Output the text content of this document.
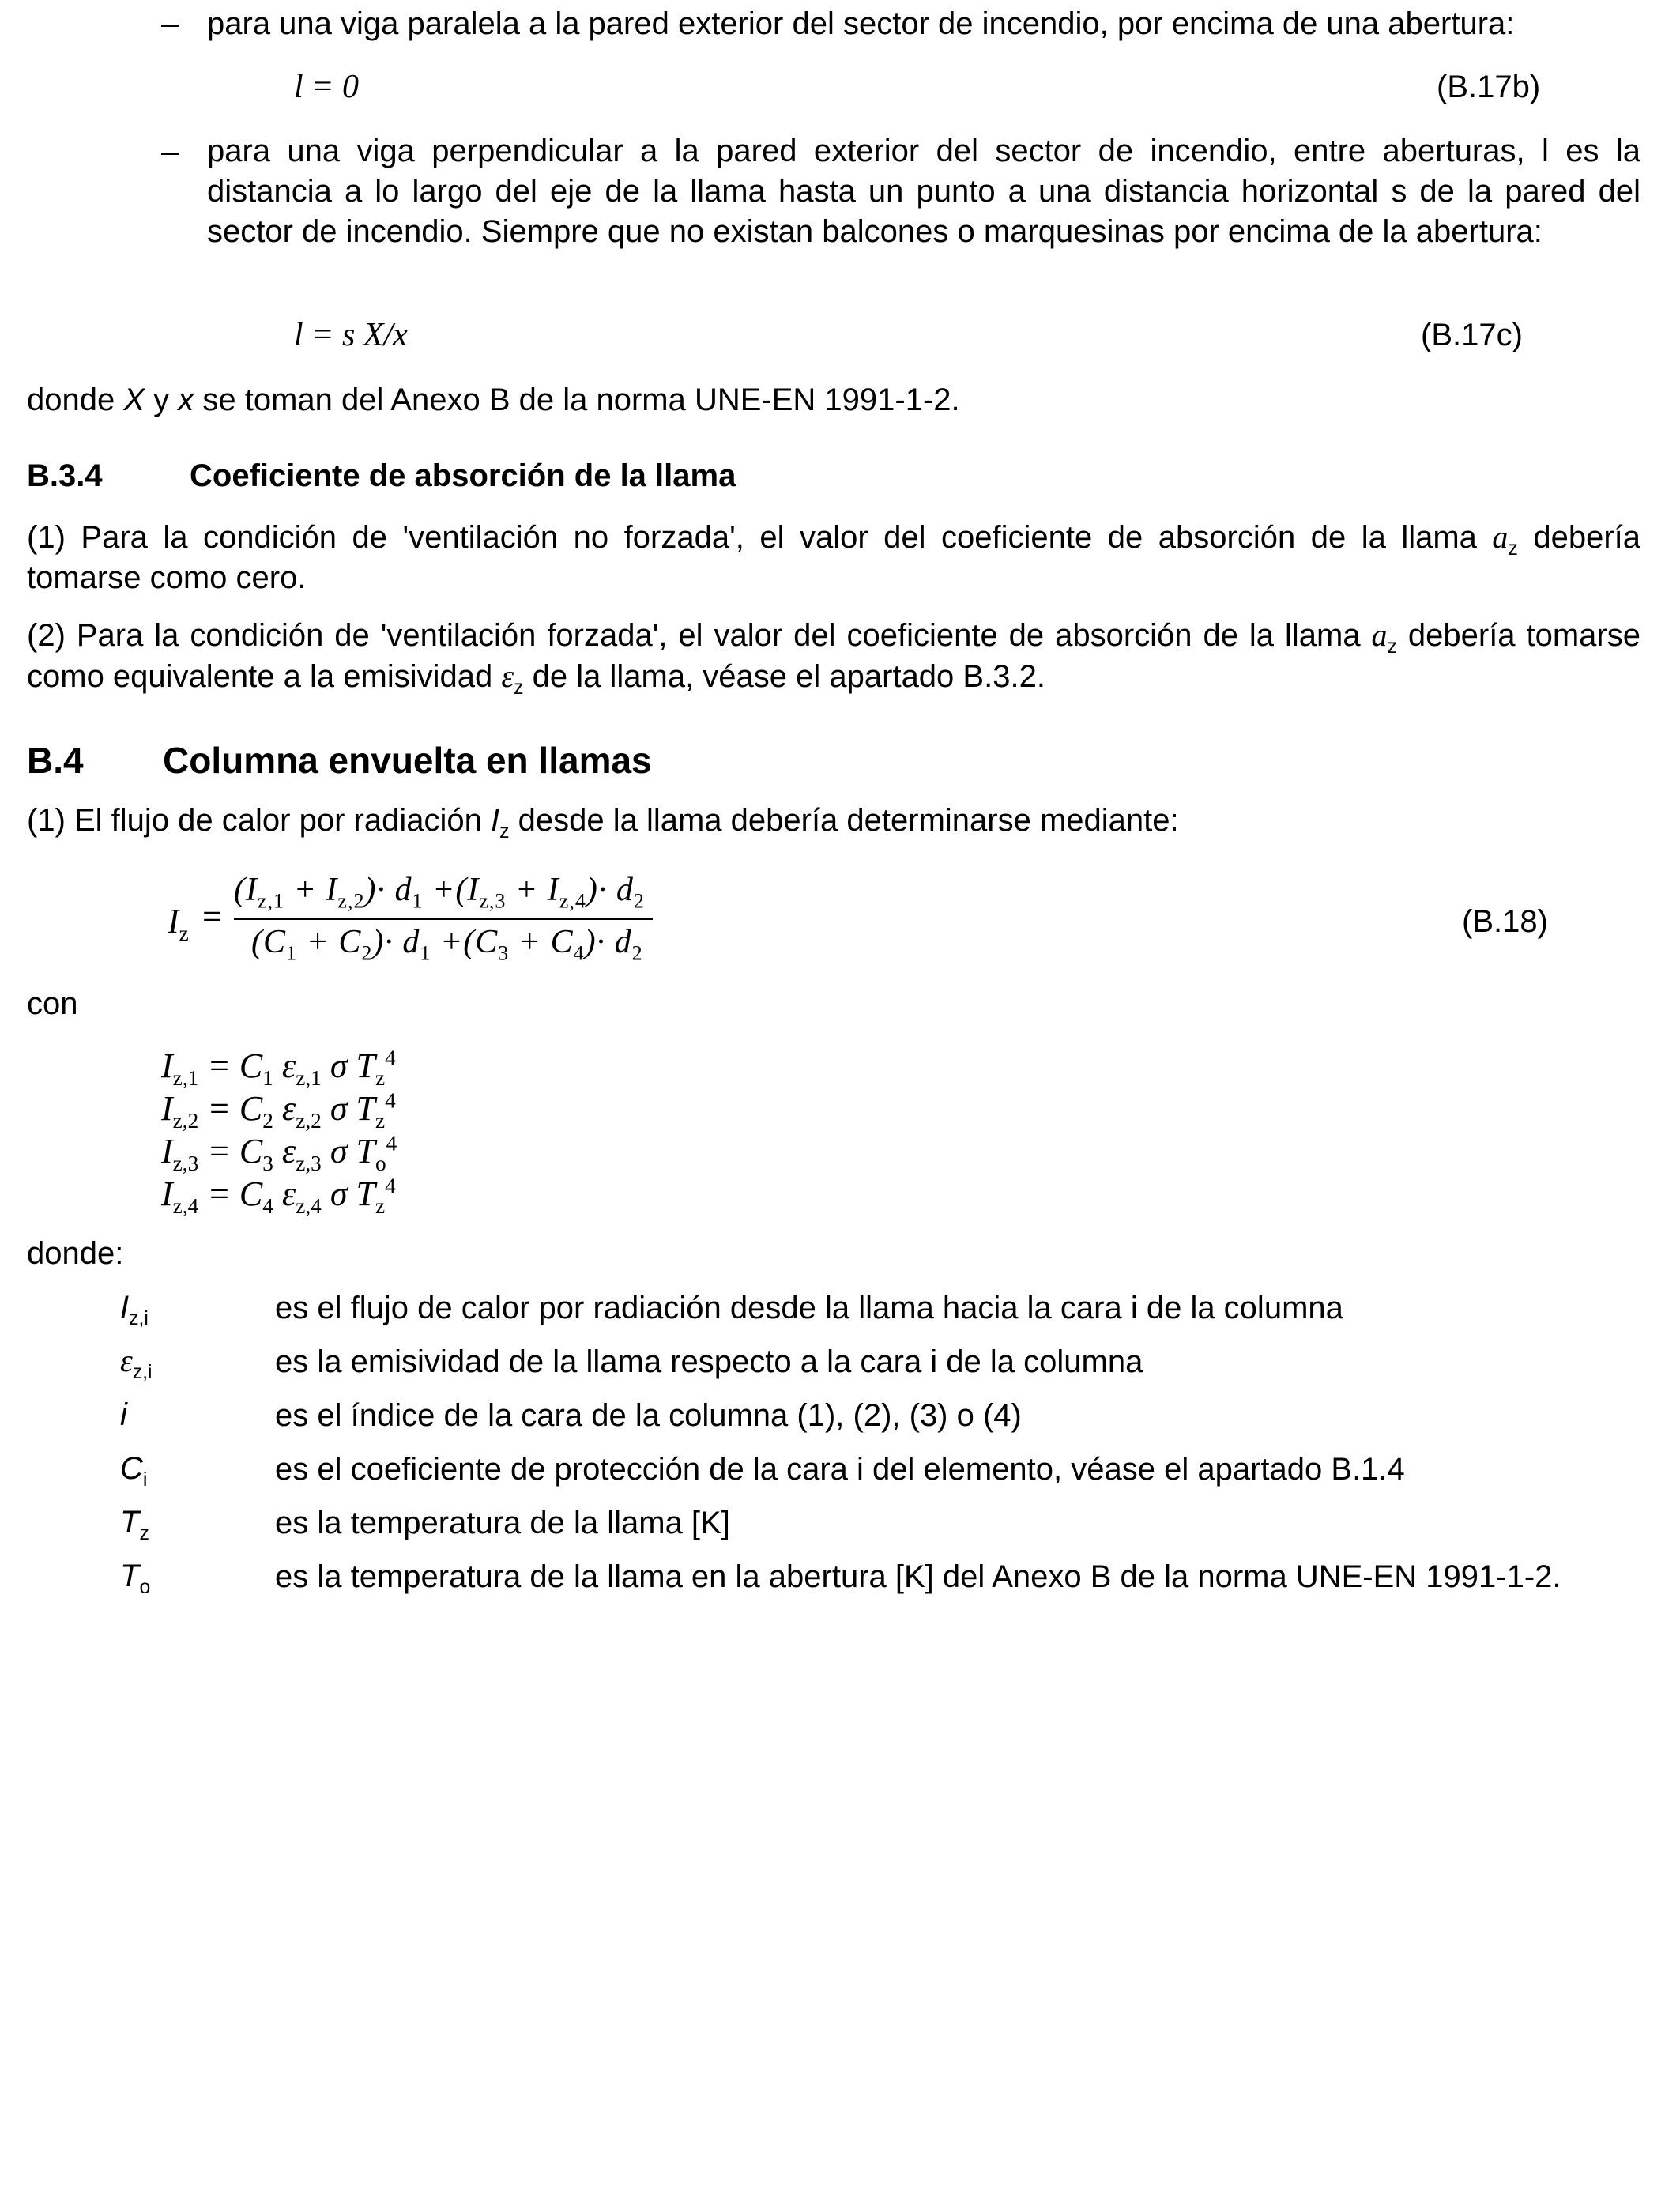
– para una viga paralela a la pared exterior del sector de incendio, por encima de una abertura:
l = 0	(B.17b)
– para una viga perpendicular a la pared exterior del sector de incendio, entre aberturas, l es la distancia a lo largo del eje de la llama hasta un punto a una distancia horizontal s de la pared del sector de incendio. Siempre que no existan balcones o marquesinas por encima de la abertura:
l = s X/x	(B.17c)
donde X y x se toman del Anexo B de la norma UNE-EN 1991-1-2.
B.3.4	Coeficiente de absorción de la llama
(1) Para la condición de 'ventilación no forzada', el valor del coeficiente de absorción de la llama $a_z$ debería tomarse como cero.
(2) Para la condición de 'ventilación forzada', el valor del coeficiente de absorción de la llama $a_z$ debería tomarse como equivalente a la emisividad $\varepsilon_z$ de la llama, véase el apartado B.3.2.
B.4 Columna envuelta en llamas
(1) El flujo de calor por radiación $I_z$ desde la llama debería determinarse mediante:
$I_z$ =
$(I_{z,1} + I_{z,2})\cdot d_1 +(I_{z,3} + I_{z,4})\cdot d_2$
$(C_1 + C_2)\cdot d_1 +(C_3 + C_4)\cdot d_2$
(B.18)
con
$I_{z,1} = C_1$ $\varepsilon_{z,1}$ σ $T_z^4$
$I_{z,2} = C_2$ $\varepsilon_{z,2}$ σ $T_z^4$
$I_{z,3} = C_3$ $\varepsilon_{z,3}$ σ $T_o^4$
$I_{z,4} = C_4$ $\varepsilon_{z,4}$ σ $T_z^4$
donde:
$I_{z,i}$	es el flujo de calor por radiación desde la llama hacia la cara i de la columna
$\varepsilon_{z,i}$	es la emisividad de la llama respecto a la cara i de la columna
i	es el índice de la cara de la columna (1), (2), (3) o (4)
$C_i$	es el coeficiente de protección de la cara i del elemento, véase el apartado B.1.4
$T_z$	es la temperatura de la llama [K]
$T_o$	es la temperatura de la llama en la abertura [K] del Anexo B de la norma UNE-EN 1991-1-2.
